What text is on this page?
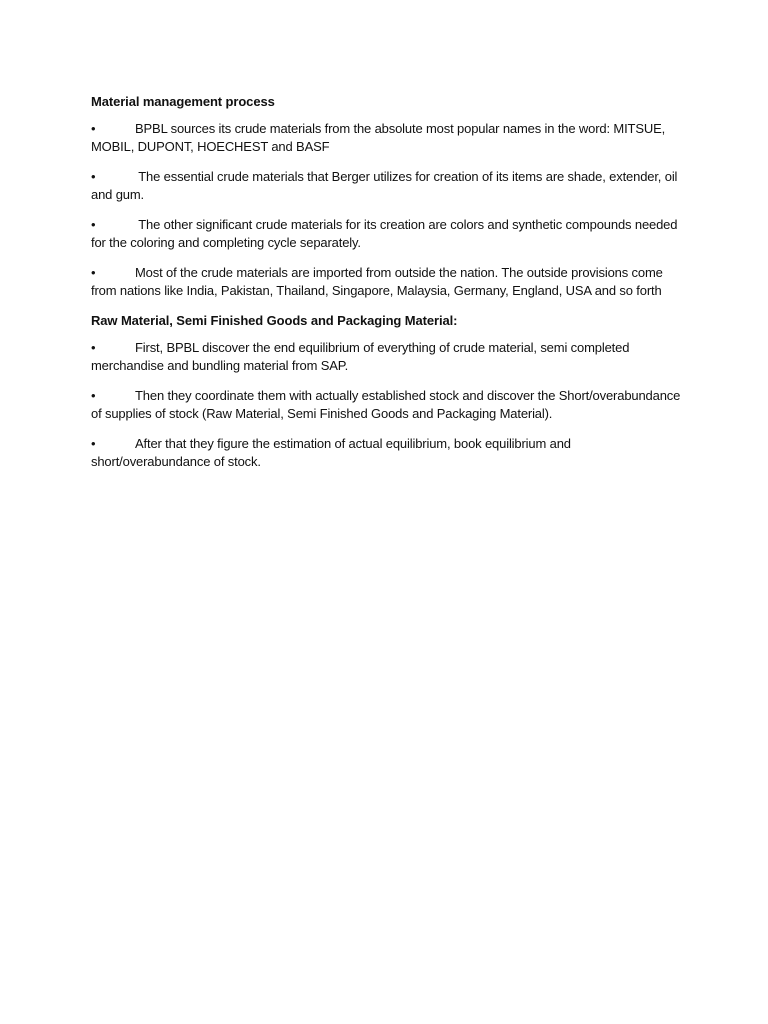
Material management process

•	BPBL sources its crude materials from the absolute most popular names in the word: MITSUE, MOBIL, DUPONT, HOECHEST and BASF

•	The essential crude materials that Berger utilizes for creation of its items are shade, extender, oil and gum.

•	The other significant crude materials for its creation are colors and synthetic compounds needed for the coloring and completing cycle separately.

•	Most of the crude materials are imported from outside the nation. The outside provisions come from nations like India, Pakistan, Thailand, Singapore, Malaysia, Germany, England, USA and so forth

Raw Material, Semi Finished Goods and Packaging Material:

•	First, BPBL discover the end equilibrium of everything of crude material, semi completed merchandise and bundling material from SAP.

•	Then they coordinate them with actually established stock and discover the Short/overabundance of supplies of stock (Raw Material, Semi Finished Goods and Packaging Material).

•	After that they figure the estimation of actual equilibrium, book equilibrium and short/overabundance of stock.
